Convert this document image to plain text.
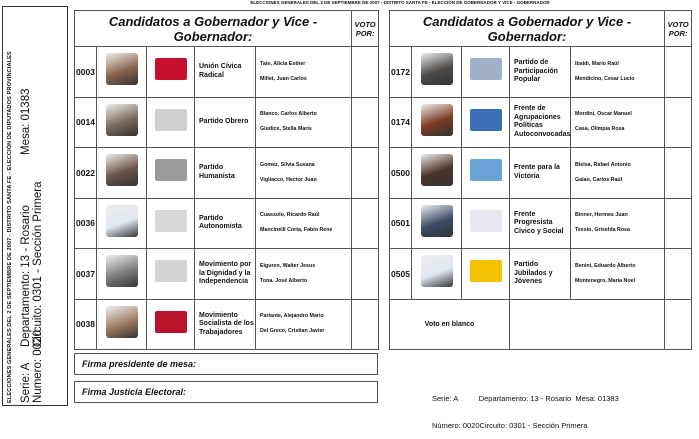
ELECCIONES GENERALES DEL 2 DE SEPTIEMBRE DE 2007 - DISTRITO SANTA FE - ELECCIÓN DE DIPUTADOS PROVINCIALES Serie: A
Departamento: 13 - Rosario
Mesa: 01383
Numero: 0020
Circuito: 0301 - Sección Primera
ELECCIONES GENERALES DEL 2 DE SEPTIEMBRE DE 2007 - DISTRITO SANTA FE - ELECCIÓN DE GOBERNADOR Y VICE - GOBERNADOR
Candidatos a Gobernador y Vice - Gobernador:					VOTO POR:
0003			Unión Cívica Radical	Tate, Alicia Esther
Millet, Juan Carlos	

0014			Partido Obrero	Blanco, Carlos Alberto
Giudice, Stella Maris	

0022			Partido Humanista	Gomez, Silvia Susana
Vigliacco, Hector Juan	

0036			Partido Autonomista	Cuassolo, Ricardo Raúl
Mancinelli Corta, Fabio Rene	

0037			Movimiento por la Dignidad y la Independencia	Eiguren, Walter Jesus
Tona, José Alberto	

0038			Movimiento Socialista de los Trabajadores	Parlante, Alejandro Mario
Del Greco, Cristian Javier	

Candidatos a Gobernador y Vice - Gobernador:					VOTO POR:
0172			Partido de Participación Popular	Ibaldi, Mario Raúl
Mendicino, Cesar Lucio	

0174			Frente de Agrupaciones Políticas Autoconvocadas	Mordini, Oscar Manuel
Casa, Olimpia Rosa	

0500			Frente para la Victoria	Bielsa, Rafael Antonio
Galan, Carlos Raúl	

0501			Frente Progresista Cívico y Social	Binner, Hermes Juan
Tessio, Griselda Rosa	

0505			Partido Jubilados y Jóvenes	Benini, Eduardo Alberto
Montenegro, Maria Noel	

Voto en blanco					
Firma presidente de mesa:
Firma Justicia Electoral:

Serie: A          Departamento: 13 - Rosario  Mesa: 01383

Número: 0020Circuito: 0301 - Sección Primera
